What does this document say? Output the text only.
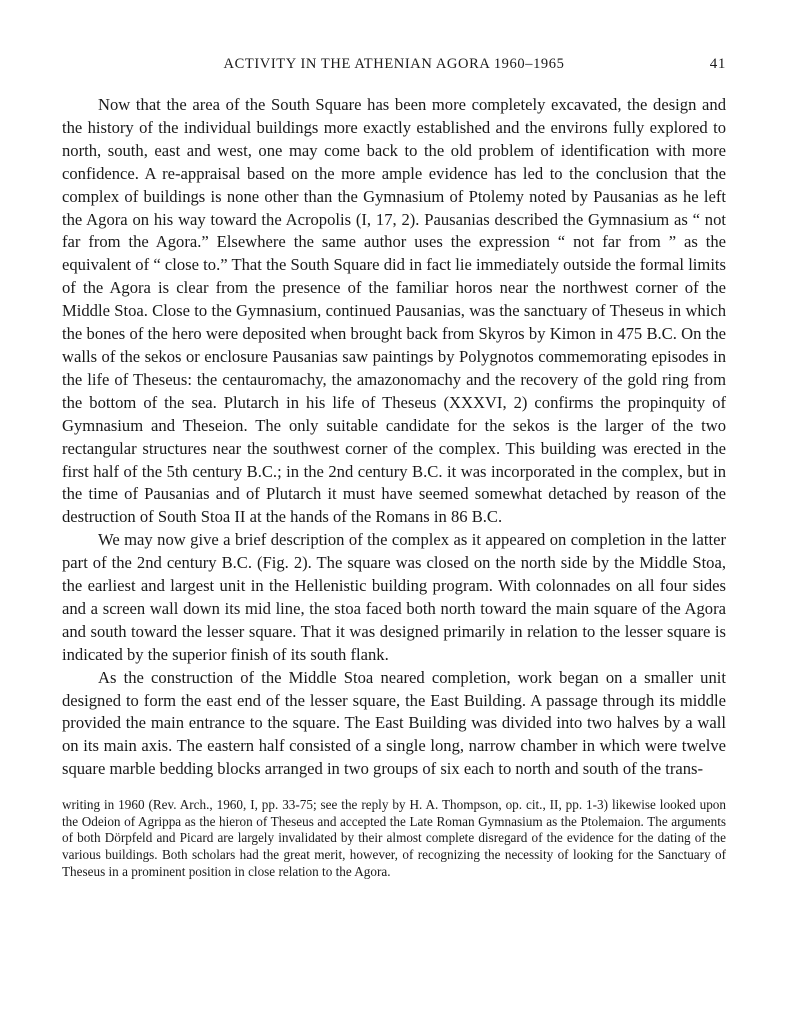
ACTIVITY IN THE ATHENIAN AGORA 1960–1965	41

Now that the area of the South Square has been more completely excavated, the design and the history of the individual buildings more exactly established and the environs fully explored to north, south, east and west, one may come back to the old problem of identification with more confidence. A re-appraisal based on the more ample evidence has led to the conclusion that the complex of buildings is none other than the Gymnasium of Ptolemy noted by Pausanias as he left the Agora on his way toward the Acropolis (I, 17, 2). Pausanias described the Gymnasium as “ not far from the Agora.” Elsewhere the same author uses the expression “ not far from ” as the equivalent of “ close to.” That the South Square did in fact lie immediately outside the formal limits of the Agora is clear from the presence of the familiar horos near the northwest corner of the Middle Stoa. Close to the Gymnasium, continued Pausanias, was the sanctuary of Theseus in which the bones of the hero were deposited when brought back from Skyros by Kimon in 475 B.C. On the walls of the sekos or enclosure Pausanias saw paintings by Polygnotos commemorating episodes in the life of Theseus: the centauromachy, the amazonomachy and the recovery of the gold ring from the bottom of the sea. Plutarch in his life of Theseus (XXXVI, 2) confirms the propinquity of Gymnasium and Theseion. The only suitable candidate for the sekos is the larger of the two rectangular structures near the southwest corner of the complex. This building was erected in the first half of the 5th century B.C.; in the 2nd century B.C. it was incorporated in the complex, but in the time of Pausanias and of Plutarch it must have seemed somewhat detached by reason of the destruction of South Stoa II at the hands of the Romans in 86 B.C.

We may now give a brief description of the complex as it appeared on completion in the latter part of the 2nd century B.C. (Fig. 2). The square was closed on the north side by the Middle Stoa, the earliest and largest unit in the Hellenistic building program. With colonnades on all four sides and a screen wall down its mid line, the stoa faced both north toward the main square of the Agora and south toward the lesser square. That it was designed primarily in relation to the lesser square is indicated by the superior finish of its south flank.

As the construction of the Middle Stoa neared completion, work began on a smaller unit designed to form the east end of the lesser square, the East Building. A passage through its middle provided the main entrance to the square. The East Building was divided into two halves by a wall on its main axis. The eastern half consisted of a single long, narrow chamber in which were twelve square marble bedding blocks arranged in two groups of six each to north and south of the trans-

writing in 1960 (Rev. Arch., 1960, I, pp. 33-75; see the reply by H. A. Thompson, op. cit., II, pp. 1-3) likewise looked upon the Odeion of Agrippa as the hieron of Theseus and accepted the Late Roman Gymnasium as the Ptolemaion. The arguments of both Dörpfeld and Picard are largely invalidated by their almost complete disregard of the evidence for the dating of the various buildings. Both scholars had the great merit, however, of recognizing the necessity of looking for the Sanctuary of Theseus in a prominent position in close relation to the Agora.
